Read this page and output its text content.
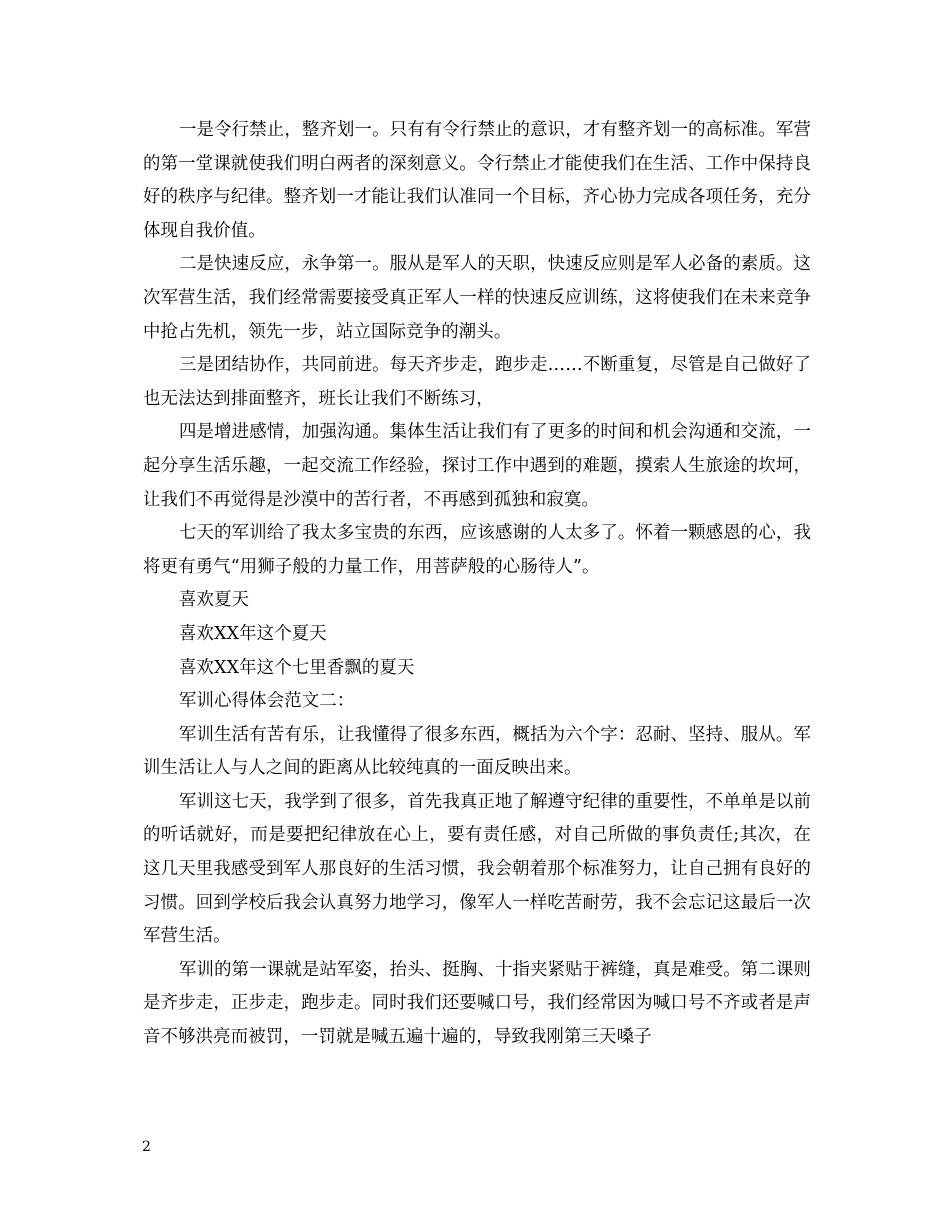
一是令行禁止，整齐划一。只有有令行禁止的意识，才有整齐划一的高标准。军营的第一堂课就使我们明白两者的深刻意义。令行禁止才能使我们在生活、工作中保持良好的秩序与纪律。整齐划一才能让我们认准同一个目标，齐心协力完成各项任务，充分体现自我价值。

二是快速反应，永争第一。服从是军人的天职，快速反应则是军人必备的素质。这次军营生活，我们经常需要接受真正军人一样的快速反应训练，这将使我们在未来竞争中抢占先机，领先一步，站立国际竞争的潮头。

三是团结协作，共同前进。每天齐步走，跑步走……不断重复，尽管是自己做好了也无法达到排面整齐，班长让我们不断练习，

四是增进感情，加强沟通。集体生活让我们有了更多的时间和机会沟通和交流，一起分享生活乐趣，一起交流工作经验，探讨工作中遇到的难题，摸索人生旅途的坎坷，让我们不再觉得是沙漠中的苦行者，不再感到孤独和寂寞。

七天的军训给了我太多宝贵的东西，应该感谢的人太多了。怀着一颗感恩的心，我将更有勇气“用狮子般的力量工作，用菩萨般的心肠待人”。

喜欢夏天

喜欢XX年这个夏天

喜欢XX年这个七里香飘的夏天

军训心得体会范文二：

军训生活有苦有乐，让我懂得了很多东西，概括为六个字：忍耐、坚持、服从。军训生活让人与人之间的距离从比较纯真的一面反映出来。

军训这七天，我学到了很多，首先我真正地了解遵守纪律的重要性，不单单是以前的听话就好，而是要把纪律放在心上，要有责任感，对自己所做的事负责任;其次，在这几天里我感受到军人那良好的生活习惯，我会朝着那个标准努力，让自己拥有良好的习惯。回到学校后我会认真努力地学习，像军人一样吃苦耐劳，我不会忘记这最后一次军营生活。

军训的第一课就是站军姿，抬头、挺胸、十指夹紧贴于裤缝，真是难受。第二课则是齐步走，正步走，跑步走。同时我们还要喊口号，我们经常因为喊口号不齐或者是声音不够洪亮而被罚，一罚就是喊五遍十遍的，导致我刚第三天嗓子

2
